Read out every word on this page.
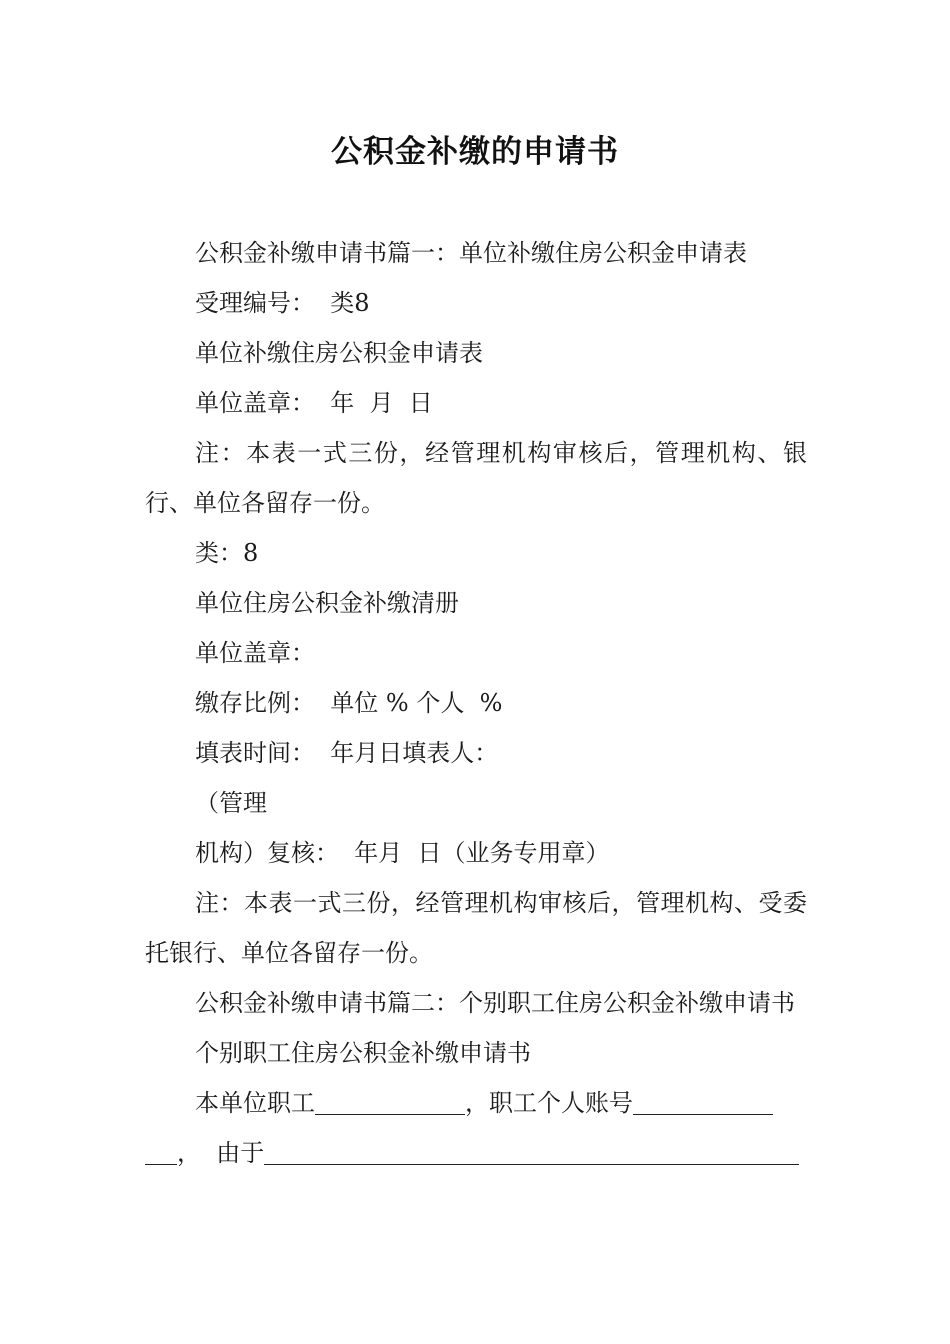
公积金补缴的申请书

公积金补缴申请书篇一：单位补缴住房公积金申请表

受理编号：  类8

单位补缴住房公积金申请表

单位盖章：  年  月  日

注：本表一式三份，经管理机构审核后，管理机构、银行、单位各留存一份。

类：8

单位住房公积金补缴清册

单位盖章：

缴存比例：  单位 % 个人  %

填表时间：  年月日填表人：

（管理

机构）复核：  年月  日（业务专用章）

注：本表一式三份，经管理机构审核后，管理机构、受委托银行、单位各留存一份。

公积金补缴申请书篇二：个别职工住房公积金补缴申请书

个别职工住房公积金补缴申请书

本单位职工	，职工个人账号

，  由于
